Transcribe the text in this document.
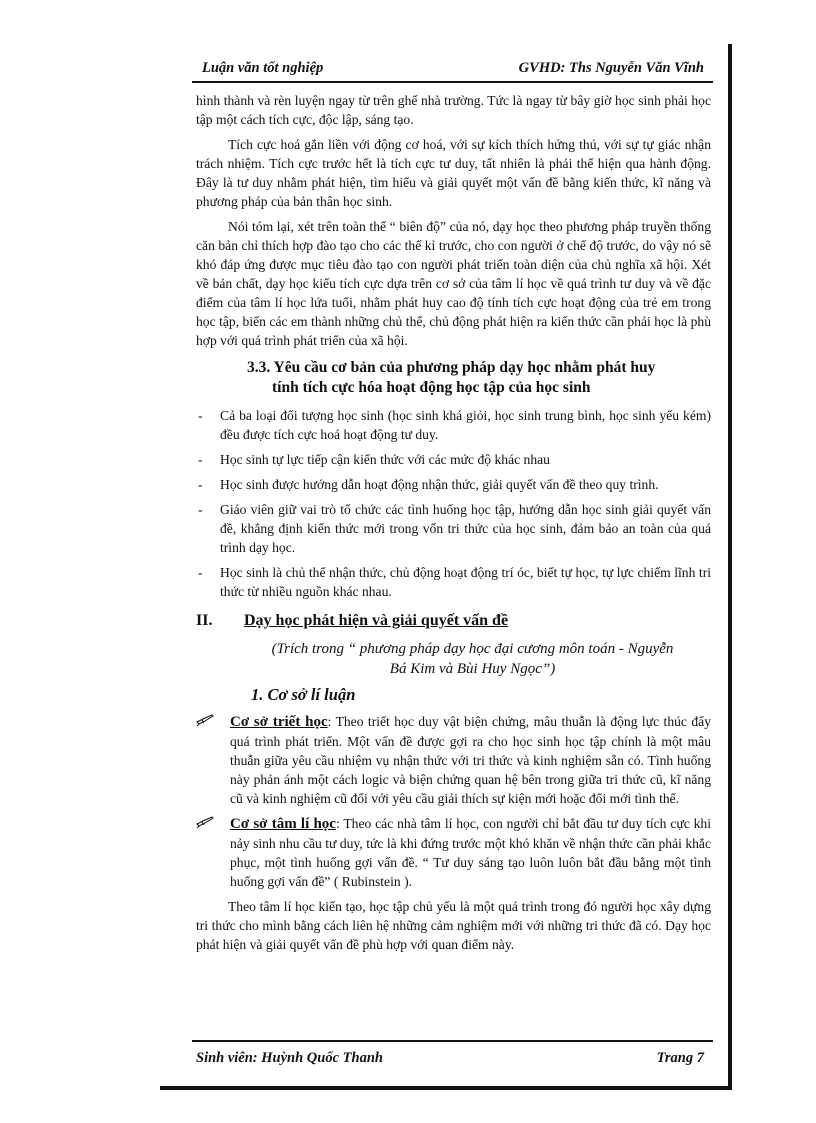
Luận văn tốt nghiệp	GVHD: Ths Nguyễn Văn Vĩnh

hình thành và rèn luyện ngay từ trên ghế nhà trường. Tức là ngay từ bây giờ học sinh phải học tập một cách tích cực, độc lập, sáng tạo.

Tích cực hoá gắn liền với động cơ hoá, với sự kích thích hứng thú, với sự tự giác nhận trách nhiệm. Tích cực trước hết là tích cực tư duy, tất nhiên là phải thể hiện qua hành động. Đây là tư duy nhằm phát hiện, tìm hiểu và giải quyết một vấn đề bằng kiến thức, kĩ năng và phương pháp của bản thân học sinh.

Nói tóm lại, xét trên toàn thể “ biên độ” của nó, dạy học theo phương pháp truyền thống căn bản chỉ thích hợp đào tạo cho các thế kỉ trước, cho con người ở chế độ trước, do vậy nó sẽ khó đáp ứng được mục tiêu đào tạo con người phát triển toàn diện của chủ nghĩa xã hội. Xét về bản chất, dạy học kiểu tích cực dựa trên cơ sở của tâm lí học về quá trình tư duy và về đặc điểm của tâm lí học lứa tuổi, nhằm phát huy cao độ tính tích cực hoạt động của trẻ em trong học tập, biến các em thành những chủ thể, chủ động phát hiện ra kiến thức cần phải học là phù hợp với quá trình phát triển của xã hội.

3.3. Yêu cầu cơ bản của phương pháp dạy học nhằm phát huy
tính tích cực hóa hoạt động học tập của học sinh
- Cả ba loại đối tượng học sinh (học sinh khá giỏi, học sinh trung bình, học sinh yếu kém) đều được tích cực hoá hoạt động tư duy.
- Học sinh tự lực tiếp cận kiến thức với các mức độ khác nhau
- Học sinh được hướng dẫn hoạt động nhận thức, giải quyết vấn đề theo quy trình.
- Giáo viên giữ vai trò tổ chức các tình huống học tập, hướng dẫn học sinh giải quyết vấn đề, khẳng định kiến thức mới trong vốn tri thức của học sinh, đảm bảo an toàn của quá trình dạy học.
- Học sinh là chủ thể nhận thức, chủ động hoạt động trí óc, biết tự học, tự lực chiếm lĩnh tri thức từ nhiều nguồn khác nhau.
II. Dạy học phát hiện và giải quyết vấn đề
(Trích trong “ phương pháp dạy học đại cương môn toán - Nguyễn
Bá Kim và Bùi Huy Ngọc”)
1. Cơ sở lí luận
Cơ sở triết học: Theo triết học duy vật biện chứng, mâu thuẫn là động lực thúc đẩy quá trình phát triển. Một vấn đề được gợi ra cho học sinh học tập chính là một mâu thuẫn giữa yêu cầu nhiệm vụ nhận thức với tri thức và kinh nghiệm sẵn có. Tình huống này phản ánh một cách logic và biện chứng quan hệ bên trong giữa tri thức cũ, kĩ năng cũ và kinh nghiệm cũ đối với yêu cầu giải thích sự kiện mới hoặc đổi mới tình thế.
Cơ sở tâm lí học: Theo các nhà tâm lí học, con người chỉ bắt đầu tư duy tích cực khi nảy sinh nhu cầu tư duy, tức là khi đứng trước một khó khăn về nhận thức cần phải khắc phục, một tình huống gợi vấn đề. “ Tư duy sáng tạo luôn luôn bắt đầu bằng một tình huống gợi vấn đề” ( Rubinstein ).

Theo tâm lí học kiến tạo, học tập chủ yếu là một quá trình trong đó người học xây dựng tri thức cho mình bằng cách liên hệ những cảm nghiệm mới với những tri thức đã có. Dạy học phát hiện và giải quyết vấn đề phù hợp với quan điểm này.

Sinh viên: Huỳnh Quốc Thanh	Trang 7
